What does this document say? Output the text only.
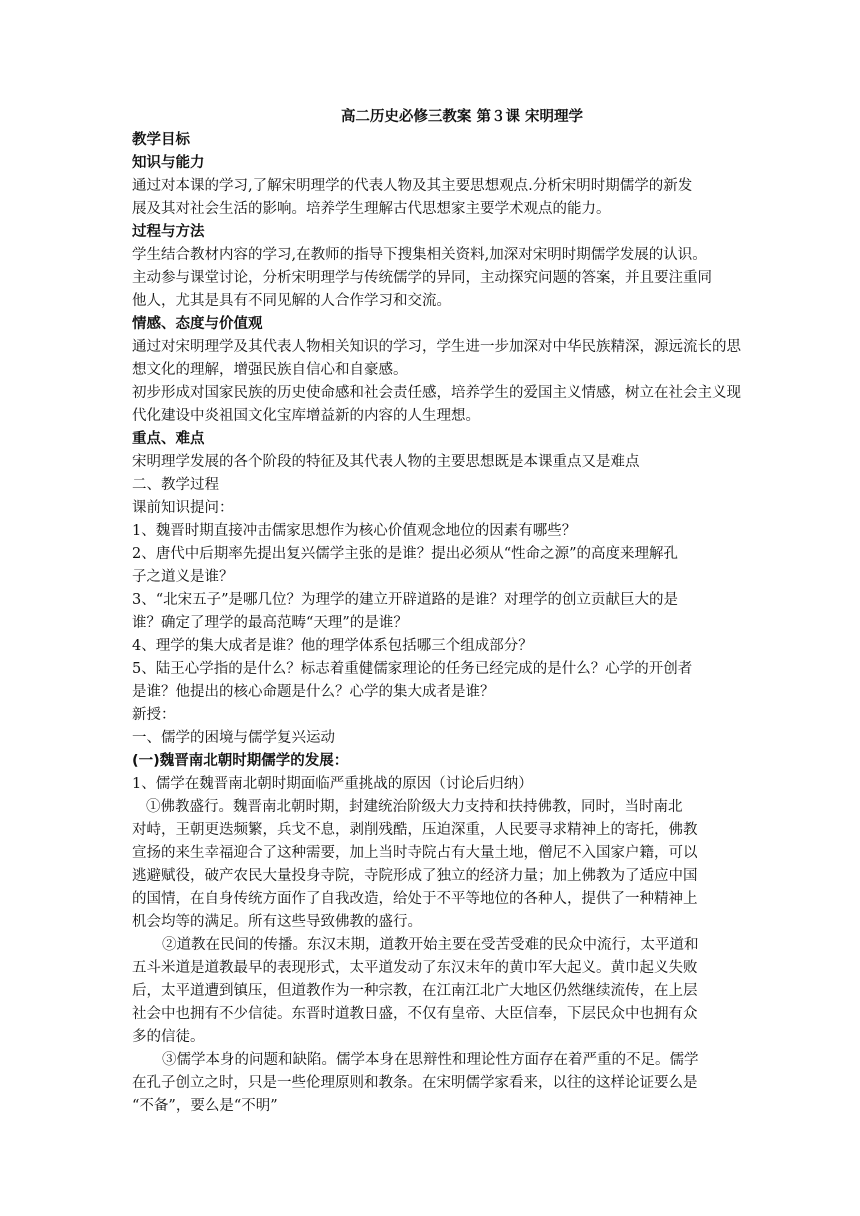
高二历史必修三教案 第３课 宋明理学
教学目标
知识与能力
通过对本课的学习,了解宋明理学的代表人物及其主要思想观点.分析宋明时期儒学的新发
展及其对社会生活的影响。培养学生理解古代思想家主要学术观点的能力。
过程与方法
学生结合教材内容的学习,在教师的指导下搜集相关资料,加深对宋明时期儒学发展的认识。
主动参与课堂讨论，分析宋明理学与传统儒学的异同，主动探究问题的答案，并且要注重同
他人，尤其是具有不同见解的人合作学习和交流。
情感、态度与价值观
通过对宋明理学及其代表人物相关知识的学习，学生进一步加深对中华民族精深，源远流长的思
想文化的理解，增强民族自信心和自豪感。
初步形成对国家民族的历史使命感和社会责任感，培养学生的爱国主义情感，树立在社会主义现
代化建设中炎祖国文化宝库增益新的内容的人生理想。
重点、难点
宋明理学发展的各个阶段的特征及其代表人物的主要思想既是本课重点又是难点
二、教学过程
课前知识提问：
1、魏晋时期直接冲击儒家思想作为核心价值观念地位的因素有哪些？
2、唐代中后期率先提出复兴儒学主张的是谁？提出必须从“性命之源”的高度来理解孔
子之道义是谁？
3、“北宋五子”是哪几位？为理学的建立开辟道路的是谁？对理学的创立贡献巨大的是
谁？确定了理学的最高范畴“天理”的是谁？
4、理学的集大成者是谁？他的理学体系包括哪三个组成部分？
5、陆王心学指的是什么？标志着重健儒家理论的任务已经完成的是什么？心学的开创者
是谁？他提出的核心命题是什么？心学的集大成者是谁？
新授：
一、儒学的困境与儒学复兴运动
(一)魏晋南北朝时期儒学的发展：
1、儒学在魏晋南北朝时期面临严重挑战的原因（讨论后归纳）
①佛教盛行。魏晋南北朝时期，封建统治阶级大力支持和扶持佛教，同时，当时南北
对峙，王朝更迭频繁，兵戈不息，剥削残酷，压迫深重，人民要寻求精神上的寄托，佛教
宣扬的来生幸福迎合了这种需要，加上当时寺院占有大量土地，僧尼不入国家户籍，可以
逃避赋役，破产农民大量投身寺院，寺院形成了独立的经济力量；加上佛教为了适应中国
的国情，在自身传统方面作了自我改造，给处于不平等地位的各种人，提供了一种精神上
机会均等的满足。所有这些导致佛教的盛行。
②道教在民间的传播。东汉末期，道教开始主要在受苦受难的民众中流行，太平道和
五斗米道是道教最早的表现形式，太平道发动了东汉末年的黄巾军大起义。黄巾起义失败
后，太平道遭到镇压，但道教作为一种宗教，在江南江北广大地区仍然继续流传，在上层
社会中也拥有不少信徒。东晋时道教日盛，不仅有皇帝、大臣信奉，下层民众中也拥有众
多的信徒。
③儒学本身的问题和缺陷。儒学本身在思辩性和理论性方面存在着严重的不足。儒学
在孔子创立之时，只是一些伦理原则和教条。在宋明儒学家看来，以往的这样论证要么是
“不备”，要么是“不明”
